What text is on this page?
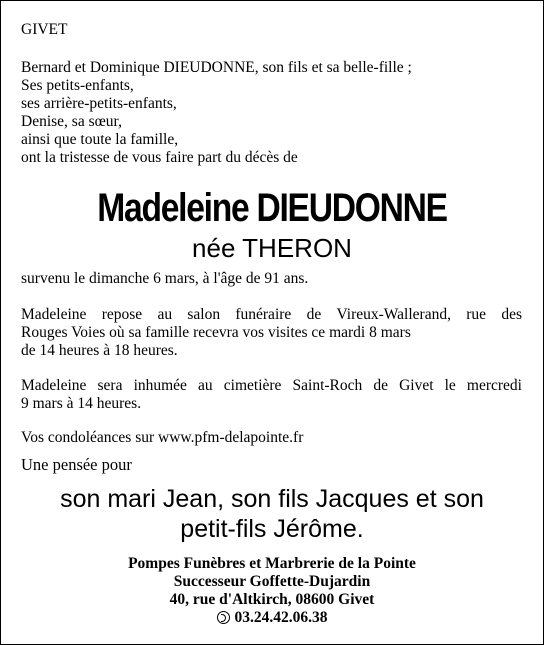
GIVET
Bernard et Dominique DIEUDONNE, son fils et sa belle-fille ;
Ses petits-enfants,
ses arrière-petits-enfants,
Denise, sa sœur,
ainsi que toute la famille,
ont la tristesse de vous faire part du décès de
Madeleine DIEUDONNE
née THERON
survenu le dimanche 6 mars, à l'âge de 91 ans.
Madeleine repose au salon funéraire de Vireux-Wallerand, rue des
Rouges Voies où sa famille recevra vos visites ce mardi 8 mars
de 14 heures à 18 heures.
Madeleine sera inhumée au cimetière Saint-Roch de Givet le mercredi
9 mars à 14 heures.
Vos condoléances sur www.pfm-delapointe.fr
Une pensée pour
son mari Jean, son fils Jacques et son
petit-fils Jérôme.
Pompes Funèbres et Marbrerie de la Pointe
Successeur Goffette-Dujardin
40, rue d'Altkirch, 08600 Givet
03.24.42.06.38
